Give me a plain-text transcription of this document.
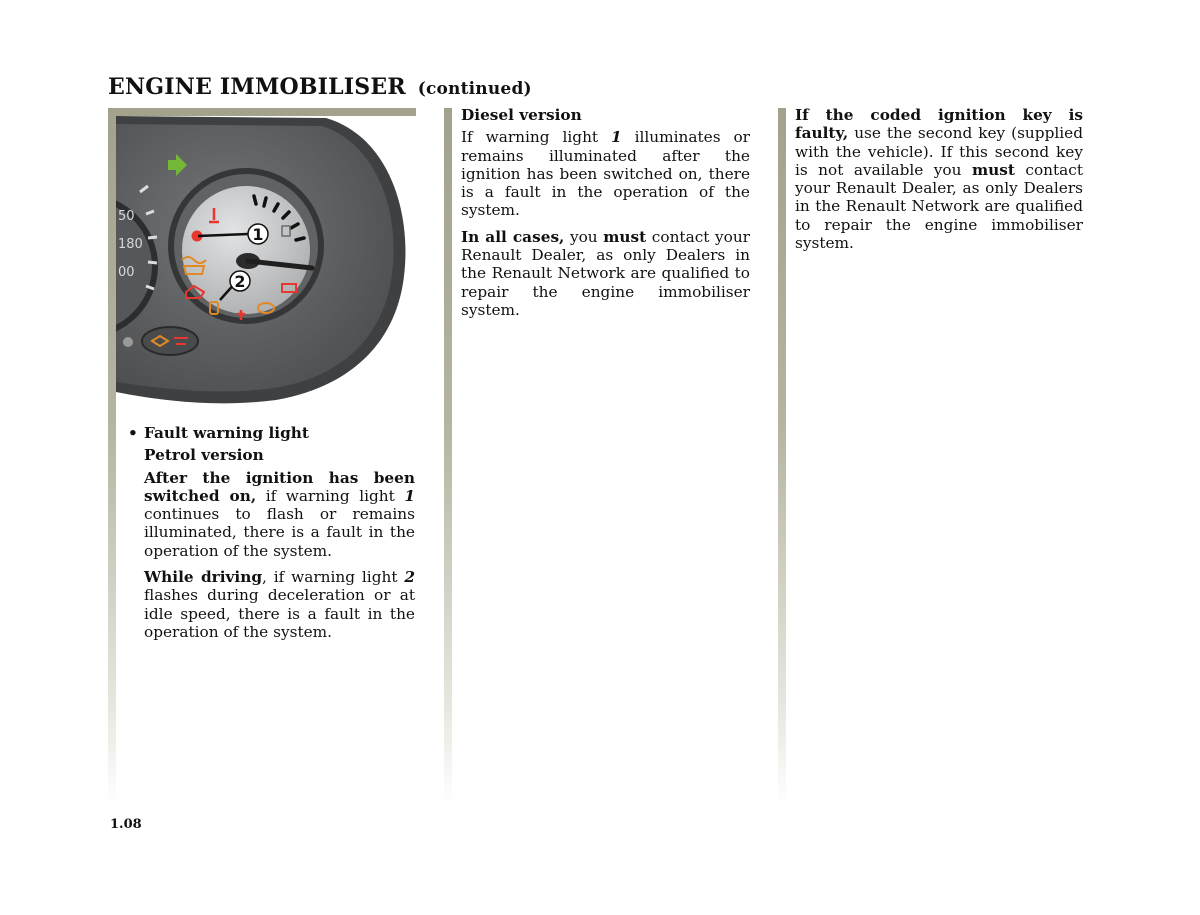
ENGINE IMMOBILISER (continued)
50
180
00
1
2

• Fault warning light

Petrol version

After the ignition has been switched on, if warning light 1 continues to flash or remains illuminated, there is a fault in the operation of the system.

While driving, if warning light 2 flashes during deceleration or at idle speed, there is a fault in the operation of the system.

Diesel version

If warning light 1 illuminates or remains illuminated after the ignition has been switched on, there is a fault in the operation of the system.

In all cases, you must contact your Renault Dealer, as only Dealers in the Renault Network are qualified to repair the engine immobiliser system.

If the coded ignition key is faulty, use the second key (supplied with the vehicle). If this second key is not available you must contact your Renault Dealer, as only Dealers in the Renault Network are qualified to repair the engine immobiliser system.

1.08
